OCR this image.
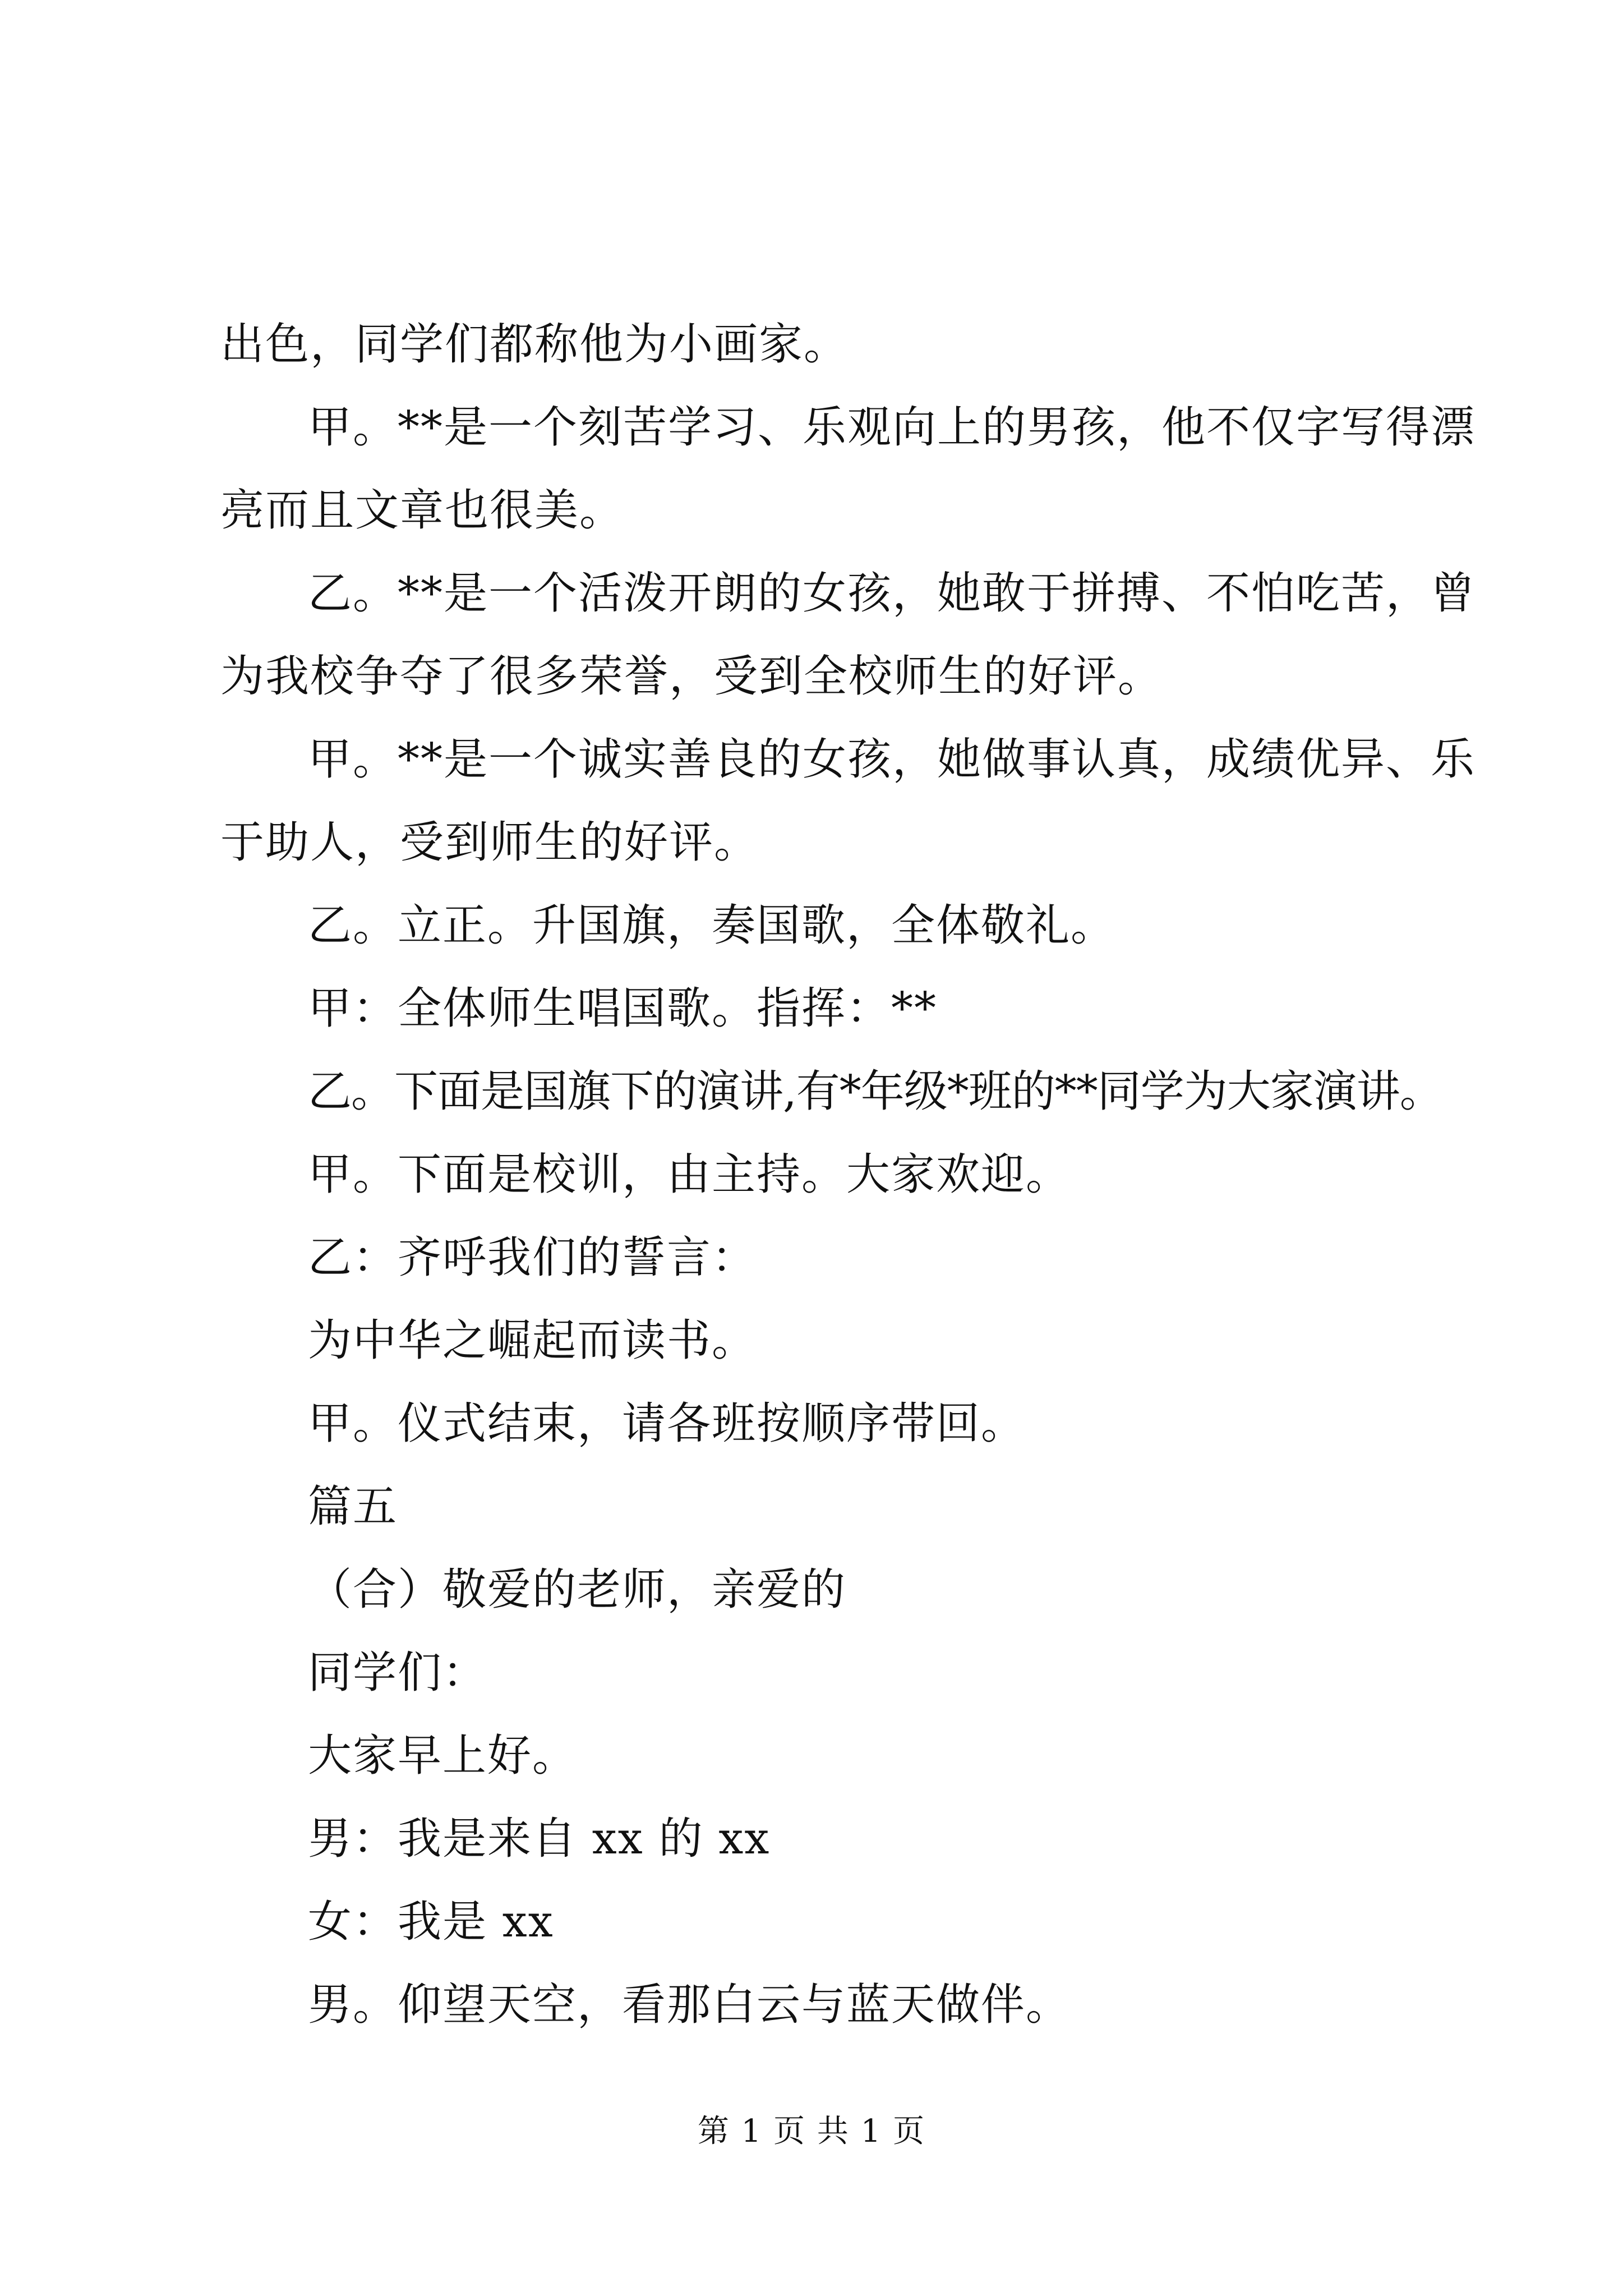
出色，同学们都称他为小画家。
甲。**是一个刻苦学习、乐观向上的男孩，他不仅字写得漂
亮而且文章也很美。
乙。**是一个活泼开朗的女孩，她敢于拼搏、不怕吃苦，曾
为我校争夺了很多荣誉，受到全校师生的好评。
甲。**是一个诚实善良的女孩，她做事认真，成绩优异、乐
于助人，受到师生的好评。
乙。立正。升国旗，奏国歌，全体敬礼。
甲：全体师生唱国歌。指挥：**
乙。下面是国旗下的演讲,有*年级*班的**同学为大家演讲。
甲。下面是校训，由主持。大家欢迎。
乙：齐呼我们的誓言：
为中华之崛起而读书。
甲。仪式结束，请各班按顺序带回。
篇五
（合）敬爱的老师，亲爱的
同学们：
大家早上好。
男：我是来自 xx 的 xx
女：我是 xx
男。仰望天空，看那白云与蓝天做伴。
第 1 页 共 1 页
